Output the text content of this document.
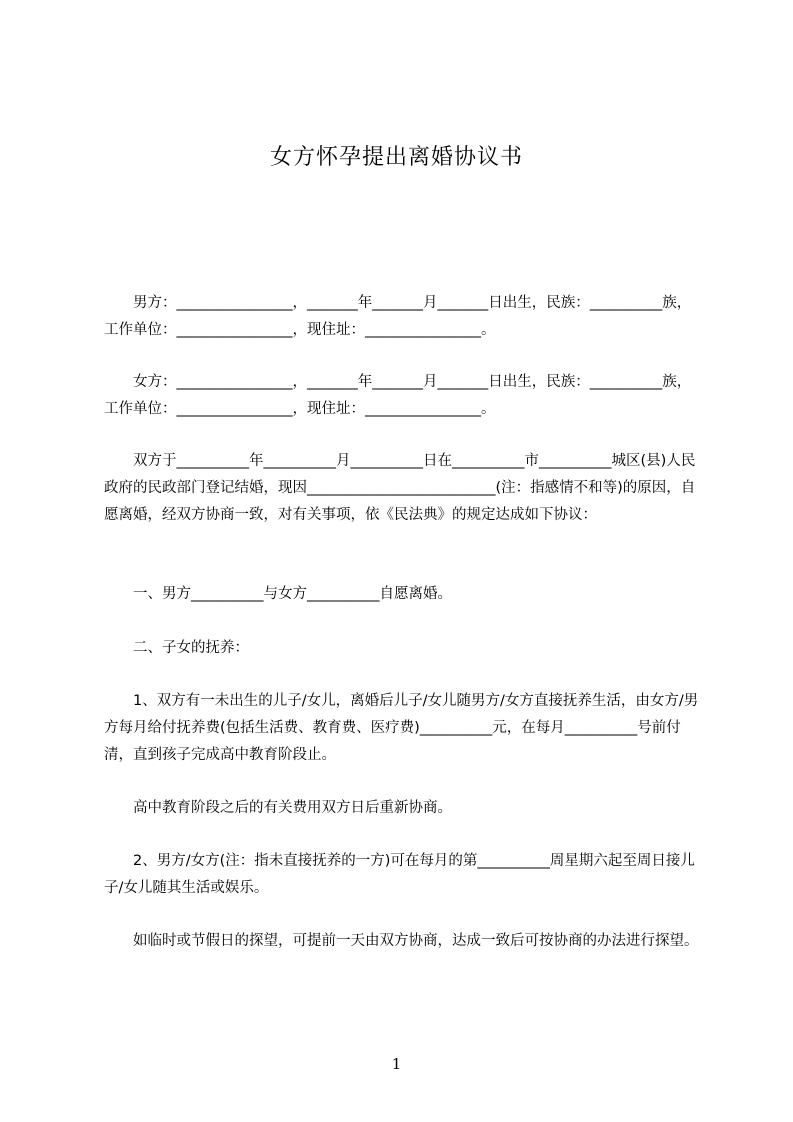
女方怀孕提出离婚协议书
　　男方：________________，_______年_______月_______日出生，民族：__________族，工作单位：________________，现住址：________________。
　　女方：________________，_______年_______月_______日出生，民族：__________族，工作单位：________________，现住址：________________。
　　双方于__________年__________月__________日在__________市__________城区(县)人民政府的民政部门登记结婚，现因__________________________(注：指感情不和等)的原因，自愿离婚，经双方协商一致，对有关事项，依《民法典》的规定达成如下协议：
　　一、男方__________与女方__________自愿离婚。
　　二、子女的抚养：
　　1、双方有一未出生的儿子/女儿，离婚后儿子/女儿随男方/女方直接抚养生活，由女方/男方每月给付抚养费(包括生活费、教育费、医疗费)__________元，在每月__________号前付清，直到孩子完成高中教育阶段止。
　　高中教育阶段之后的有关费用双方日后重新协商。
　　2、男方/女方(注：指未直接抚养的一方)可在每月的第__________周星期六起至周日接儿子/女儿随其生活或娱乐。
　　如临时或节假日的探望，可提前一天由双方协商，达成一致后可按协商的办法进行探望。
1
